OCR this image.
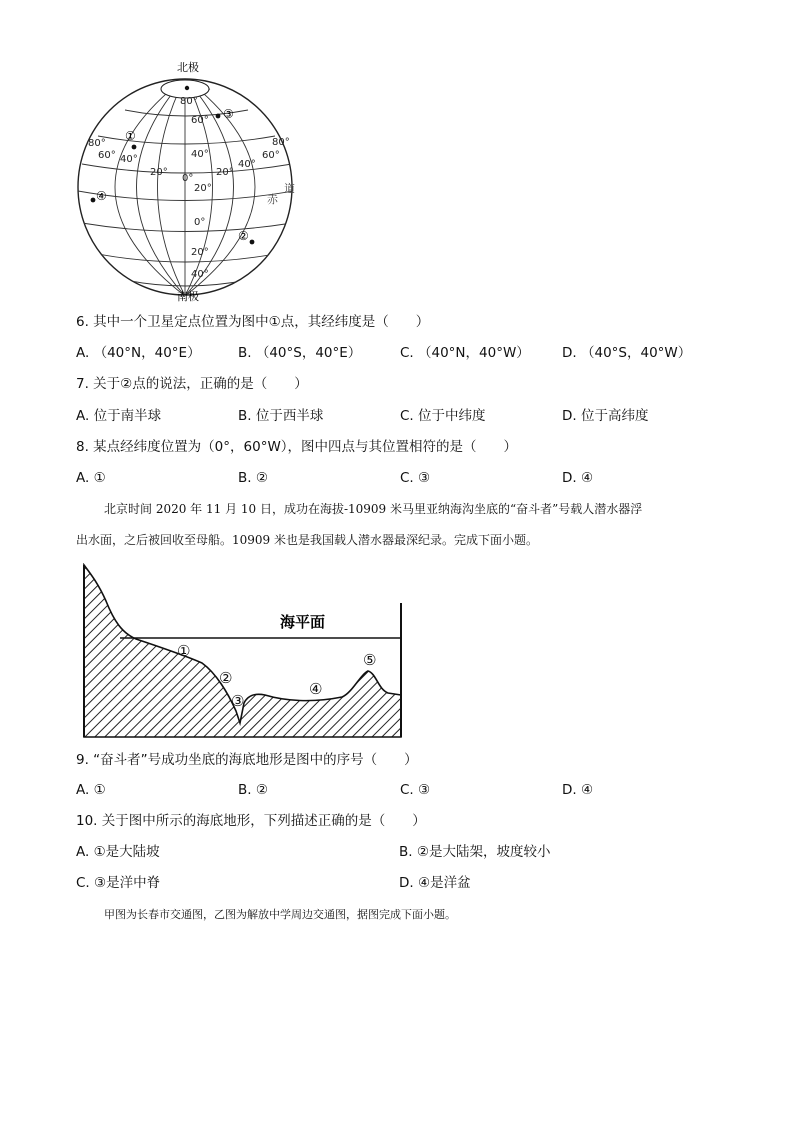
北极
80°
60°
40°
20°
0°
20°
40°
80°
60° 40°
20°
0°
20°
40°
60°
80°
赤
道
①
③
④
②
南极
6. 其中一个卫星定点位置为图中①点，其经纬度是（　　）
A. （40°N，40°E）	B. （40°S，40°E）	C. （40°N，40°W） D. （40°S，40°W）
7. 关于②点的说法，正确的是（　　）
A. 位于南半球	B. 位于西半球	C. 位于中纬度	D. 位于高纬度
8. 某点经纬度位置为（0°，60°W），图中四点与其位置相符的是（　　）
A. ①	B. ②	C. ③	D. ④
北京时间 2020 年 11 月 10 日，成功在海拔-10909 米马里亚纳海沟坐底的“奋斗者”号载人潜水器浮
出水面，之后被回收至母船。10909 米也是我国载人潜水器最深纪录。完成下面小题。
海平面
①
②
③
④
⑤
9. “奋斗者”号成功坐底的海底地形是图中的序号（　　）
A. ①	B. ②	C. ③	D. ④
10. 关于图中所示的海底地形，下列描述正确的是（　　）
A. ①是大陆坡	B. ②是大陆架，坡度较小
C. ③是洋中脊	D. ④是洋盆
甲图为长春市交通图，乙图为解放中学周边交通图，据图完成下面小题。
